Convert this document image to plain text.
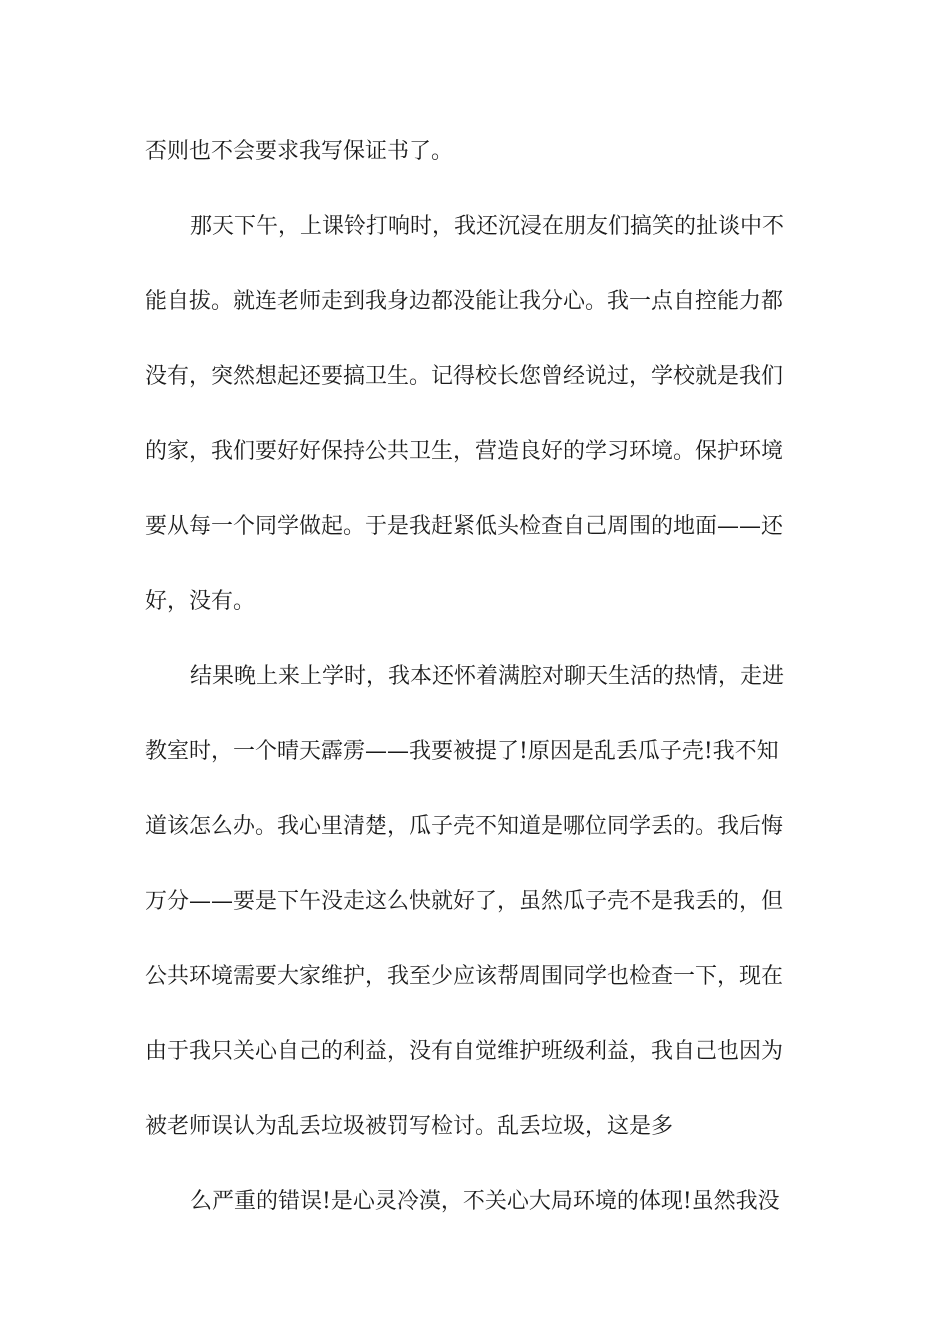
否则也不会要求我写保证书了。
那天下午，上课铃打响时，我还沉浸在朋友们搞笑的扯谈中不
能自拔。就连老师走到我身边都没能让我分心。我一点自控能力都
没有，突然想起还要搞卫生。记得校长您曾经说过，学校就是我们
的家，我们要好好保持公共卫生，营造良好的学习环境。保护环境
要从每一个同学做起。于是我赶紧低头检查自己周围的地面——还
好，没有。
结果晚上来上学时，我本还怀着满腔对聊天生活的热情，走进
教室时，一个晴天霹雳——我要被提了!原因是乱丢瓜子壳!我不知
道该怎么办。我心里清楚，瓜子壳不知道是哪位同学丢的。我后悔
万分——要是下午没走这么快就好了，虽然瓜子壳不是我丢的，但
公共环境需要大家维护，我至少应该帮周围同学也检查一下，现在
由于我只关心自己的利益，没有自觉维护班级利益，我自己也因为
被老师误认为乱丢垃圾被罚写检讨。乱丢垃圾，这是多
么严重的错误!是心灵冷漠，不关心大局环境的体现!虽然我没
